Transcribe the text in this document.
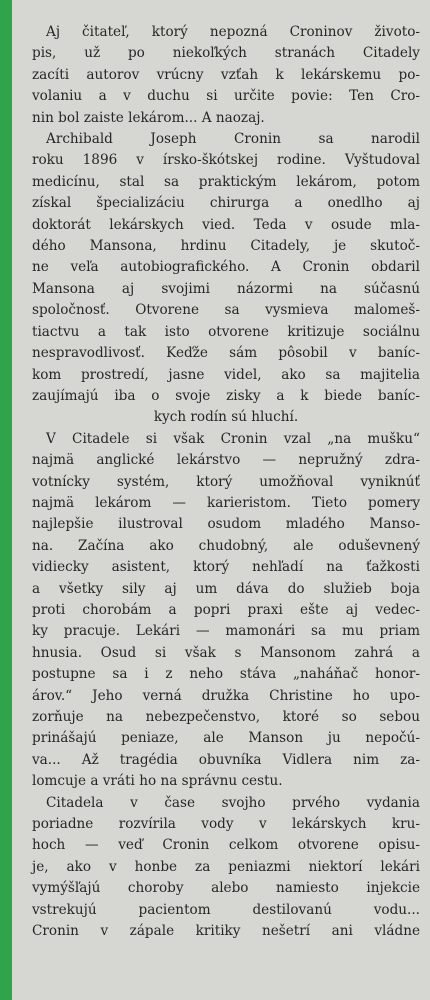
Aj čitateľ, ktorý nepozná Croninov životo-
pis, už po niekoľkých stranách Citadely
zacíti autorov vrúcny vzťah k lekárskemu po-
volaniu a v duchu si určite povie: Ten Cro-
nin bol zaiste lekárom... A naozaj.
Archibald Joseph Cronin sa narodil
roku 1896 v írsko-škótskej rodine. Vyštudoval
medicínu, stal sa praktickým lekárom, potom
získal špecializáciu chirurga a onedlho aj
doktorát lekárskych vied. Teda v osude mla-
dého Mansona, hrdinu Citadely, je skutoč-
ne veľa autobiografického. A Cronin obdaril
Mansona aj svojimi názormi na súčasnú
spoločnosť. Otvorene sa vysmieva malomeš-
tiactvu a tak isto otvorene kritizuje sociálnu
nespravodlivosť. Keďže sám pôsobil v baníc-
kom prostredí, jasne videl, ako sa majitelia
zaujímajú iba o svoje zisky a k biede baníc-
kych rodín sú hluchí.
V Citadele si však Cronin vzal „na mušku“
najmä anglické lekárstvo — nepružný zdra-
votnícky systém, ktorý umožňoval vyniknúť
najmä lekárom — karieristom. Tieto pomery
najlepšie ilustroval osudom mladého Manso-
na. Začína ako chudobný, ale oduševnený
vidiecky asistent, ktorý nehľadí na ťažkosti
a všetky sily aj um dáva do služieb boja
proti chorobám a popri praxi ešte aj vedec-
ky pracuje. Lekári — mamonári sa mu priam
hnusia. Osud si však s Mansonom zahrá a
postupne sa i z neho stáva „naháňač honor-
árov.“ Jeho verná družka Christine ho upo-
zorňuje na nebezpečenstvo, ktoré so sebou
prinášajú peniaze, ale Manson ju nepočú-
va... Až tragédia obuvníka Vidlera nim za-
lomcuje a vráti ho na správnu cestu.
Citadela v čase svojho prvého vydania
poriadne rozvírila vody v lekárskych kru-
hoch — veď Cronin celkom otvorene opisu-
je, ako v honbe za peniazmi niektorí lekári
vymýšľajú choroby alebo namiesto injekcie
vstrekujú pacientom destilovanú vodu...
Cronin v zápale kritiky nešetrí ani vládne
